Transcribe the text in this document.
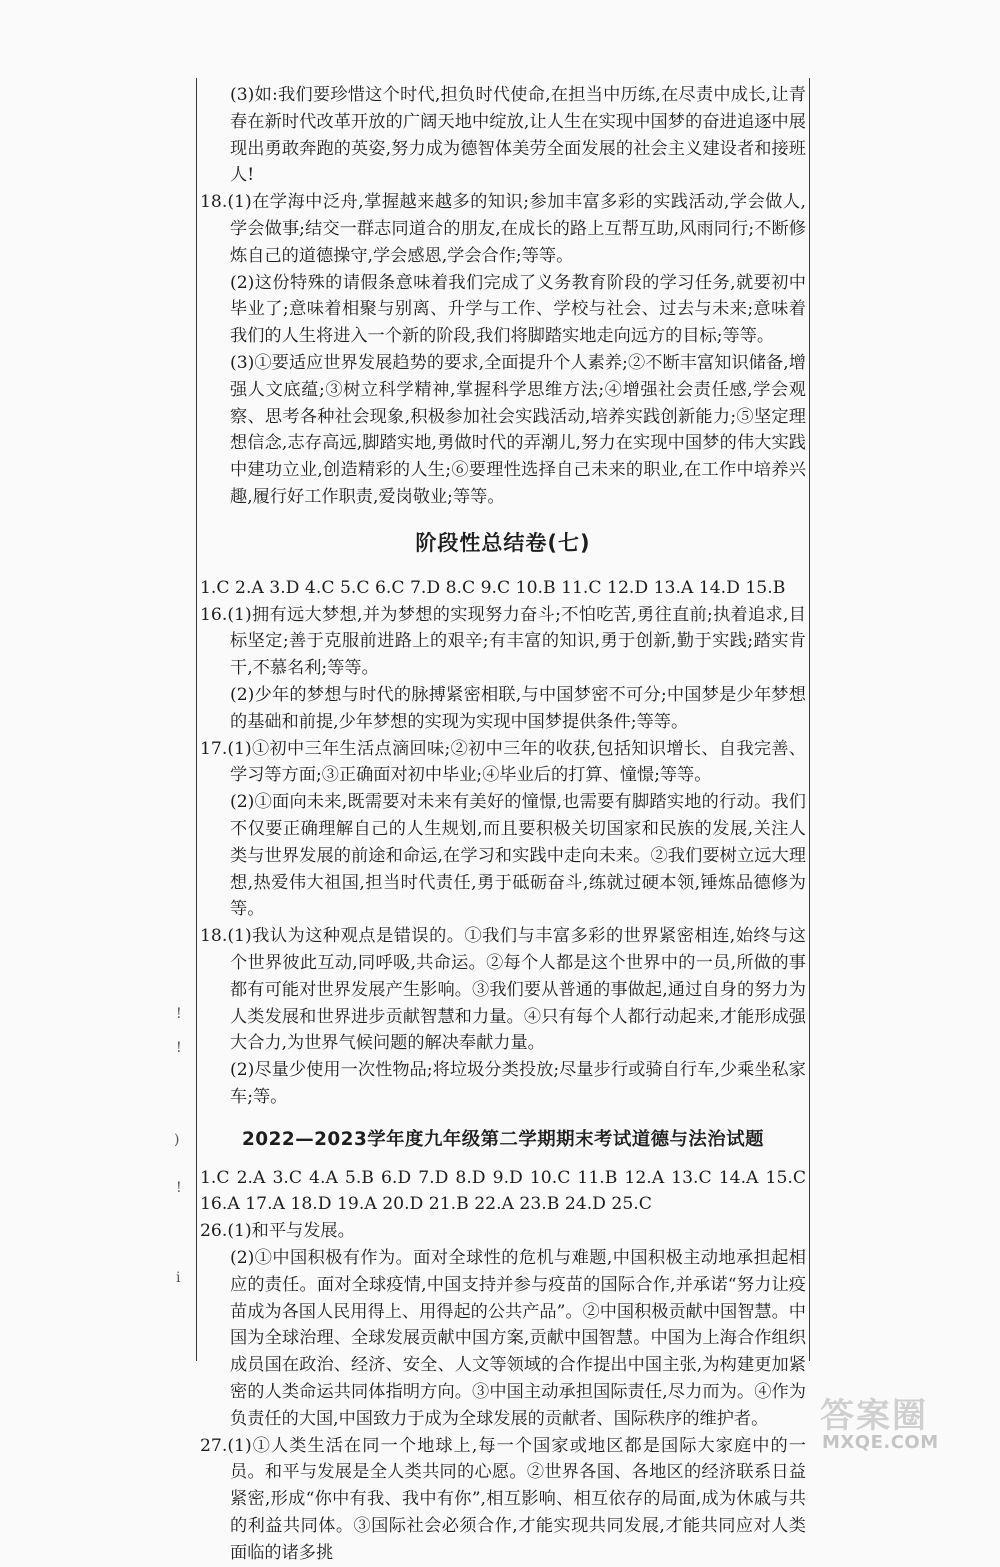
(3)如:我们要珍惜这个时代,担负时代使命,在担当中历练,在尽责中成长,让青春在新时代改革开放的广阔天地中绽放,让人生在实现中国梦的奋进追逐中展现出勇敢奔跑的英姿,努力成为德智体美劳全面发展的社会主义建设者和接班人!

18.(1)在学海中泛舟,掌握越来越多的知识;参加丰富多彩的实践活动,学会做人,学会做事;结交一群志同道合的朋友,在成长的路上互帮互助,风雨同行;不断修炼自己的道德操守,学会感恩,学会合作;等等。

(2)这份特殊的请假条意味着我们完成了义务教育阶段的学习任务,就要初中毕业了;意味着相聚与别离、升学与工作、学校与社会、过去与未来;意味着我们的人生将进入一个新的阶段,我们将脚踏实地走向远方的目标;等等。

(3)①要适应世界发展趋势的要求,全面提升个人素养;②不断丰富知识储备,增强人文底蕴;③树立科学精神,掌握科学思维方法;④增强社会责任感,学会观察、思考各种社会现象,积极参加社会实践活动,培养实践创新能力;⑤坚定理想信念,志存高远,脚踏实地,勇做时代的弄潮儿,努力在实现中国梦的伟大实践中建功立业,创造精彩的人生;⑥要理性选择自己未来的职业,在工作中培养兴趣,履行好工作职责,爱岗敬业;等等。

阶段性总结卷(七)

1.C 2.A 3.D 4.C 5.C 6.C 7.D 8.C 9.C 10.B 11.C 12.D 13.A 14.D 15.B

16.(1)拥有远大梦想,并为梦想的实现努力奋斗;不怕吃苦,勇往直前;执着追求,目标坚定;善于克服前进路上的艰辛;有丰富的知识,勇于创新,勤于实践;踏实肯干,不慕名利;等等。

(2)少年的梦想与时代的脉搏紧密相联,与中国梦密不可分;中国梦是少年梦想的基础和前提,少年梦想的实现为实现中国梦提供条件;等等。

17.(1)①初中三年生活点滴回味;②初中三年的收获,包括知识增长、自我完善、学习等方面;③正确面对初中毕业;④毕业后的打算、憧憬;等等。

(2)①面向未来,既需要对未来有美好的憧憬,也需要有脚踏实地的行动。我们不仅要正确理解自己的人生规划,而且要积极关切国家和民族的发展,关注人类与世界发展的前途和命运,在学习和实践中走向未来。②我们要树立远大理想,热爱伟大祖国,担当时代责任,勇于砥砺奋斗,练就过硬本领,锤炼品德修为等。

18.(1)我认为这种观点是错误的。①我们与丰富多彩的世界紧密相连,始终与这个世界彼此互动,同呼吸,共命运。②每个人都是这个世界中的一员,所做的事都有可能对世界发展产生影响。③我们要从普通的事做起,通过自身的努力为人类发展和世界进步贡献智慧和力量。④只有每个人都行动起来,才能形成强大合力,为世界气候问题的解决奉献力量。

(2)尽量少使用一次性物品;将垃圾分类投放;尽量步行或骑自行车,少乘坐私家车;等。

2022—2023学年度九年级第二学期期末考试道德与法治试题

1.C 2.A 3.C 4.A 5.B 6.D 7.D 8.D 9.D 10.C 11.B 12.A 13.C 14.A 15.C 16.A 17.A 18.D 19.A 20.D 21.B 22.A 23.B 24.D 25.C

26.(1)和平与发展。

(2)①中国积极有作为。面对全球性的危机与难题,中国积极主动地承担起相应的责任。面对全球疫情,中国支持并参与疫苗的国际合作,并承诺“努力让疫苗成为各国人民用得上、用得起的公共产品”。②中国积极贡献中国智慧。中国为全球治理、全球发展贡献中国方案,贡献中国智慧。中国为上海合作组织成员国在政治、经济、安全、人文等领域的合作提出中国主张,为构建更加紧密的人类命运共同体指明方向。③中国主动承担国际责任,尽力而为。④作为负责任的大国,中国致力于成为全球发展的贡献者、国际秩序的维护者。

27.(1)①人类生活在同一个地球上,每一个国家或地区都是国际大家庭中的一员。和平与发展是全人类共同的心愿。②世界各国、各地区的经济联系日益紧密,形成“你中有我、我中有你”,相互影响、相互依存的局面,成为休戚与共的利益共同体。③国际社会必须合作,才能实现共同发展,才能共同应对人类面临的诸多挑

!
!
)
!
i
答案圈
MXQE.COM
